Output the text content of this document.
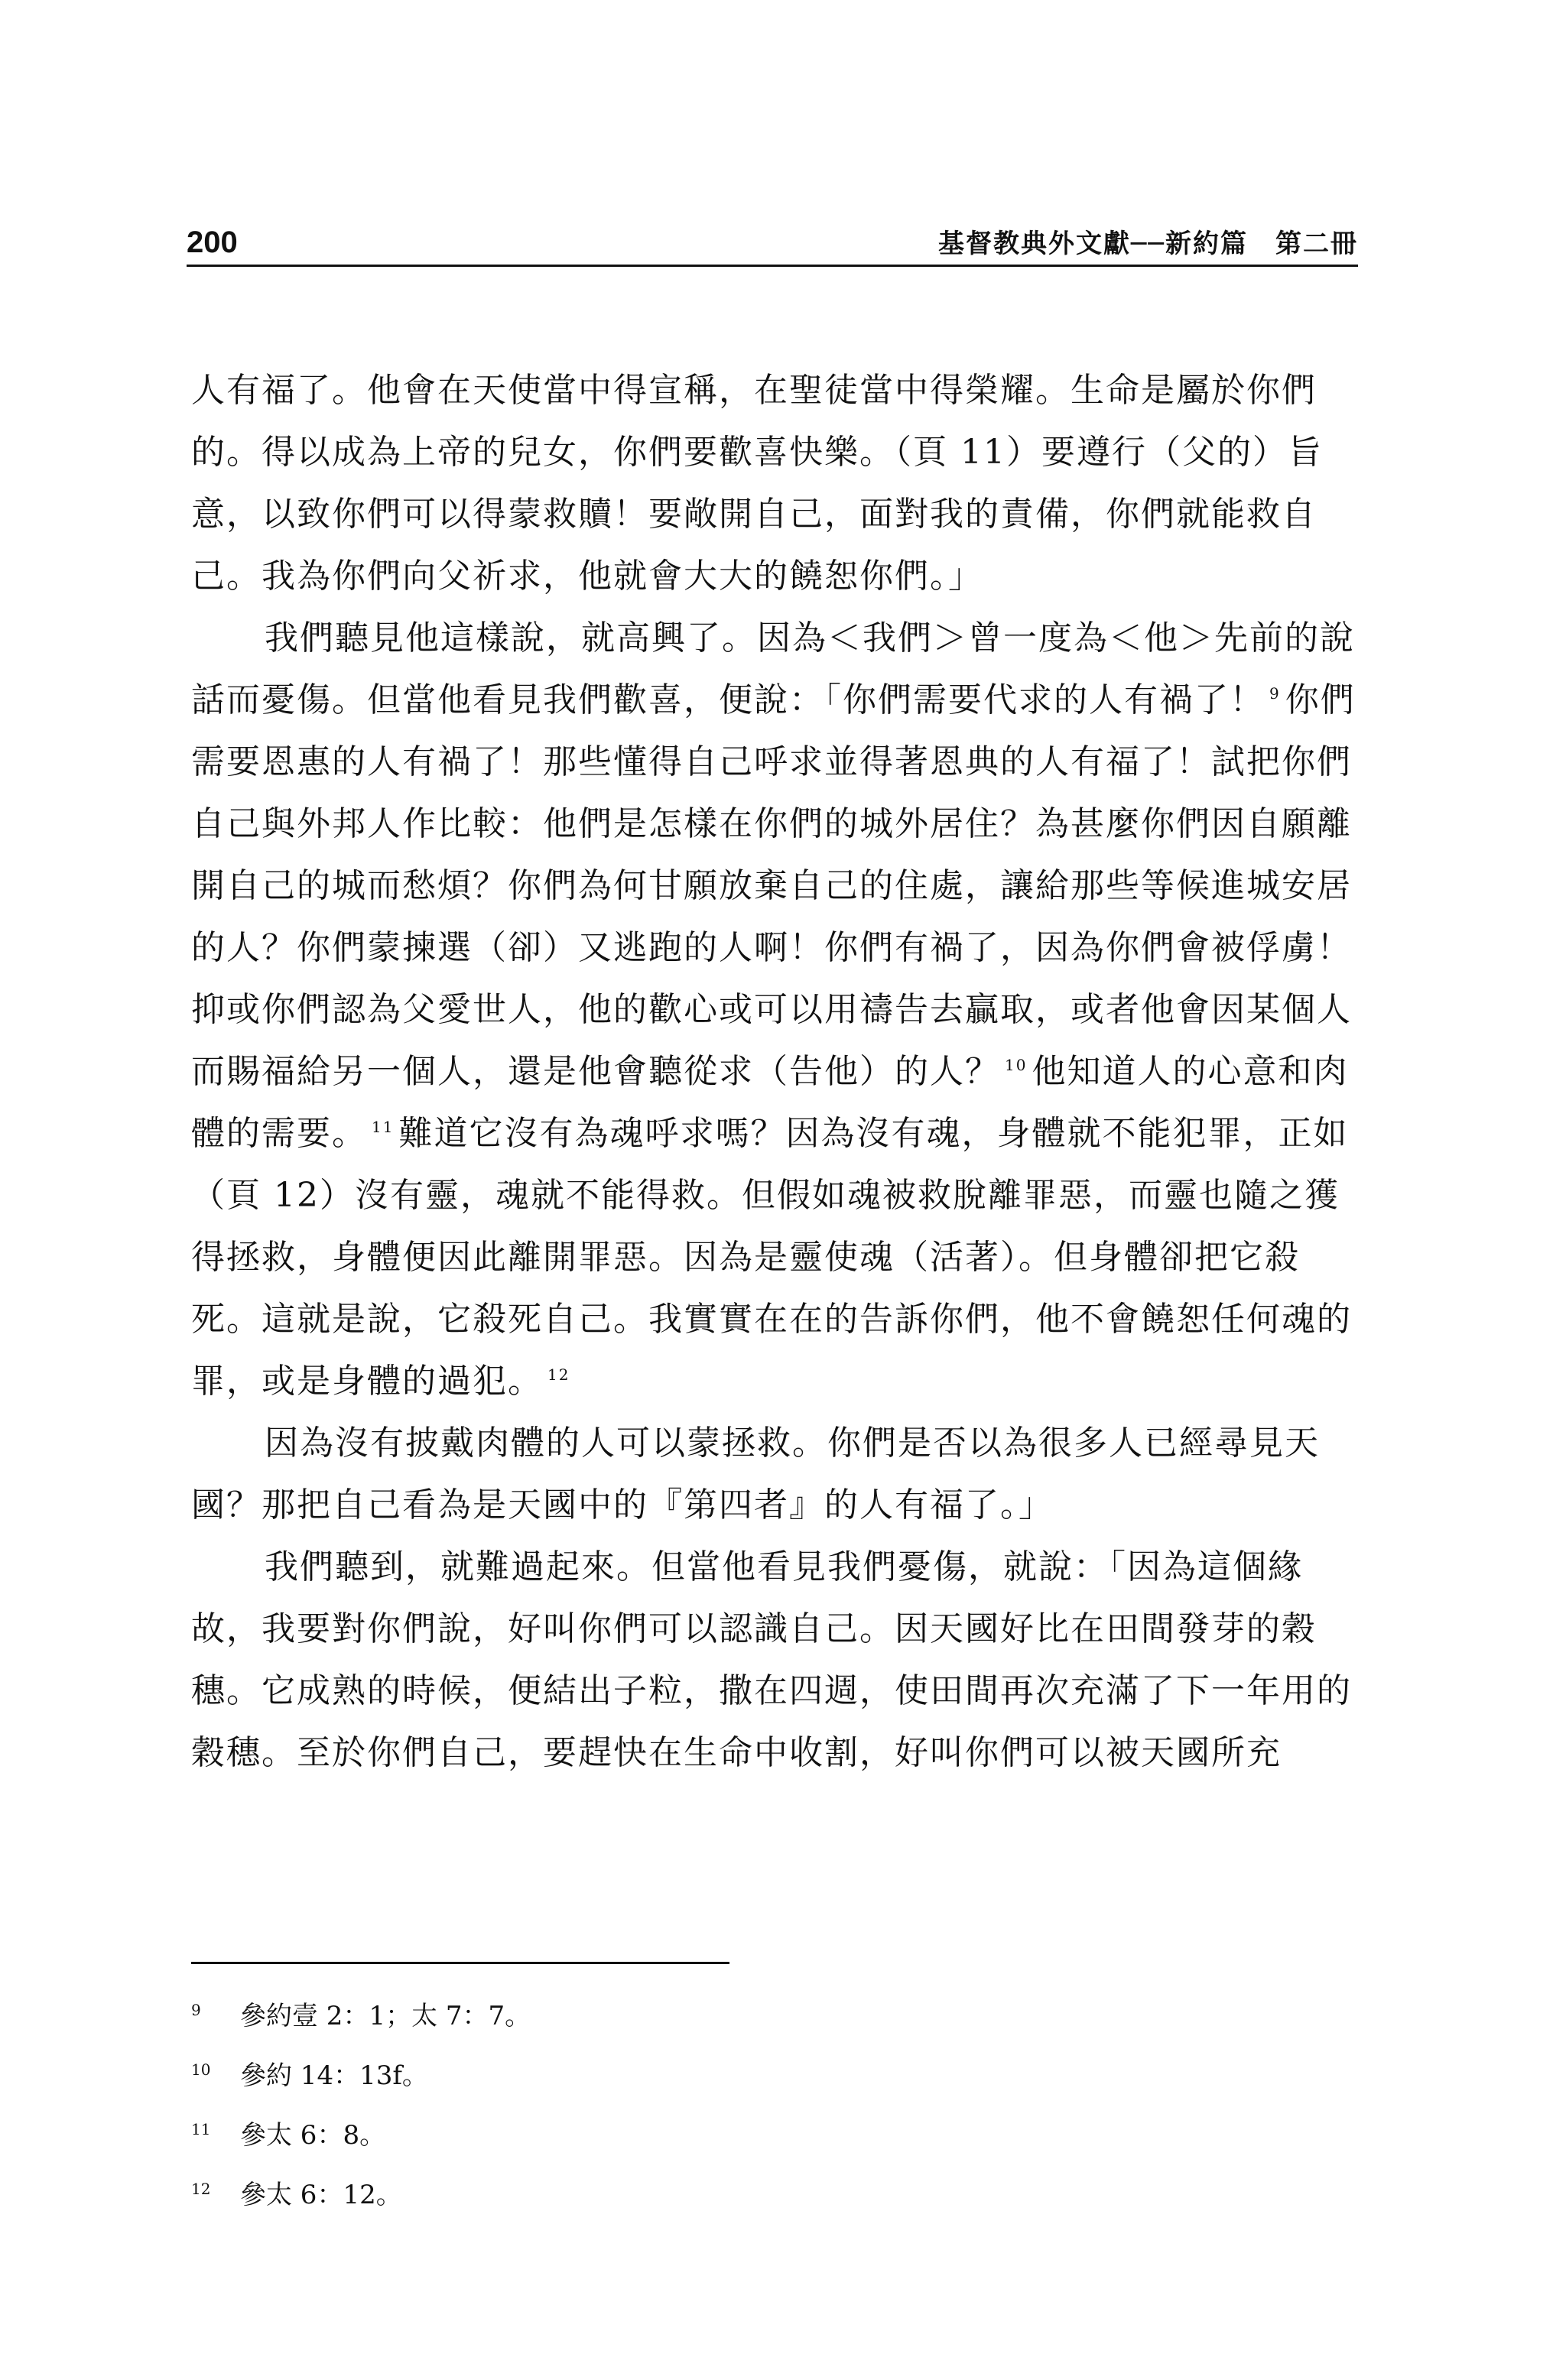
200	基督教典外文獻──新約篇　第二冊

人有福了。他會在天使當中得宣稱，在聖徒當中得榮耀。生命是屬於你們的。得以成為上帝的兒女，你們要歡喜快樂。（頁 11）要遵行（父的）旨意，以致你們可以得蒙救贖！要敞開自己，面對我的責備，你們就能救自己。我為你們向父祈求，他就會大大的饒恕你們。」

我們聽見他這樣說，就高興了。因為＜我們＞曾一度為＜他＞先前的說話而憂傷。但當他看見我們歡喜，便說：「你們需要代求的人有禍了！ $^9$ 你們需要恩惠的人有禍了！那些懂得自己呼求並得著恩典的人有福了！試把你們自己與外邦人作比較：他們是怎樣在你們的城外居住？為甚麼你們因自願離開自己的城而愁煩？你們為何甘願放棄自己的住處，讓給那些等候進城安居的人？你們蒙揀選（卻）又逃跑的人啊！你們有禍了，因為你們會被俘虜！抑或你們認為父愛世人，他的歡心或可以用禱告去贏取，或者他會因某個人而賜福給另一個人，還是他會聽從求（告他）的人？ $^{10}$ 他知道人的心意和肉體的需要。 $^{11}$ 難道它沒有為魂呼求嗎？因為沒有魂，身體就不能犯罪，正如（頁 12）沒有靈，魂就不能得救。但假如魂被救脫離罪惡，而靈也隨之獲得拯救，身體便因此離開罪惡。因為是靈使魂（活著）。但身體卻把它殺死。這就是說，它殺死自己。我實實在在的告訴你們，他不會饒恕任何魂的罪，或是身體的過犯。 $^{12}$

因為沒有披戴肉體的人可以蒙拯救。你們是否以為很多人已經尋見天國？那把自己看為是天國中的『第四者』的人有福了。」

我們聽到，就難過起來。但當他看見我們憂傷，就說：「因為這個緣故，我要對你們說，好叫你們可以認識自己。因天國好比在田間發芽的穀穗。它成熟的時候，便結出子粒，撒在四週，使田間再次充滿了下一年用的穀穗。至於你們自己，要趕快在生命中收割，好叫你們可以被天國所充

9	參約壹 2：1；太 7：7。
10	參約 14：13f。
11	參太 6：8。
12	參太 6：12。
